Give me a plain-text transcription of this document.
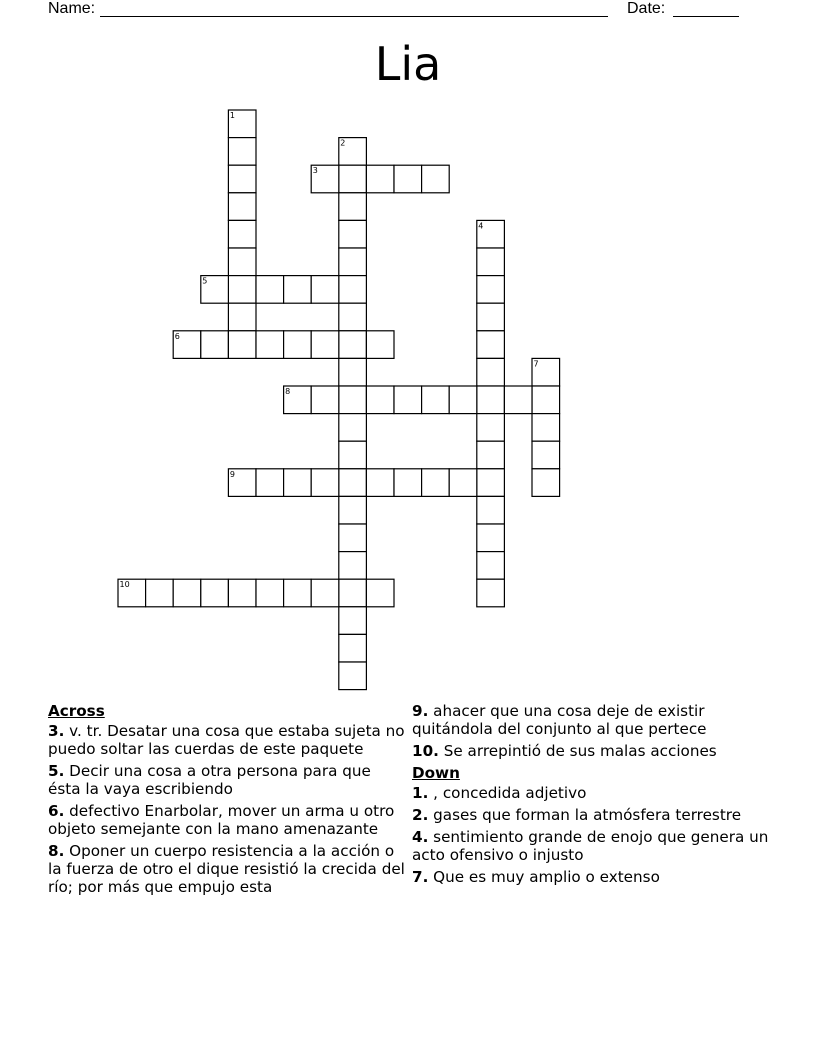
Name:	Date:
Lia
1
2
3
4
5
6
7
8
9
10
Across
3. v. tr. Desatar una cosa que estaba sujeta no puedo soltar las cuerdas de este paquete
5. Decir una cosa a otra persona para que ésta la vaya escribiendo
6. defectivo Enarbolar, mover un arma u otro objeto semejante con la mano amenazante
8. Oponer un cuerpo resistencia a la acción o la fuerza de otro el dique resistió la crecida del río; por más que empujo esta
9. ahacer que una cosa deje de existir quitándola del conjunto al que pertece
10. Se arrepintió de sus malas acciones
Down
1. , concedida adjetivo
2. gases que forman la atmósfera terrestre
4. sentimiento grande de enojo que genera un acto ofensivo o injusto
7. Que es muy amplio o extenso
